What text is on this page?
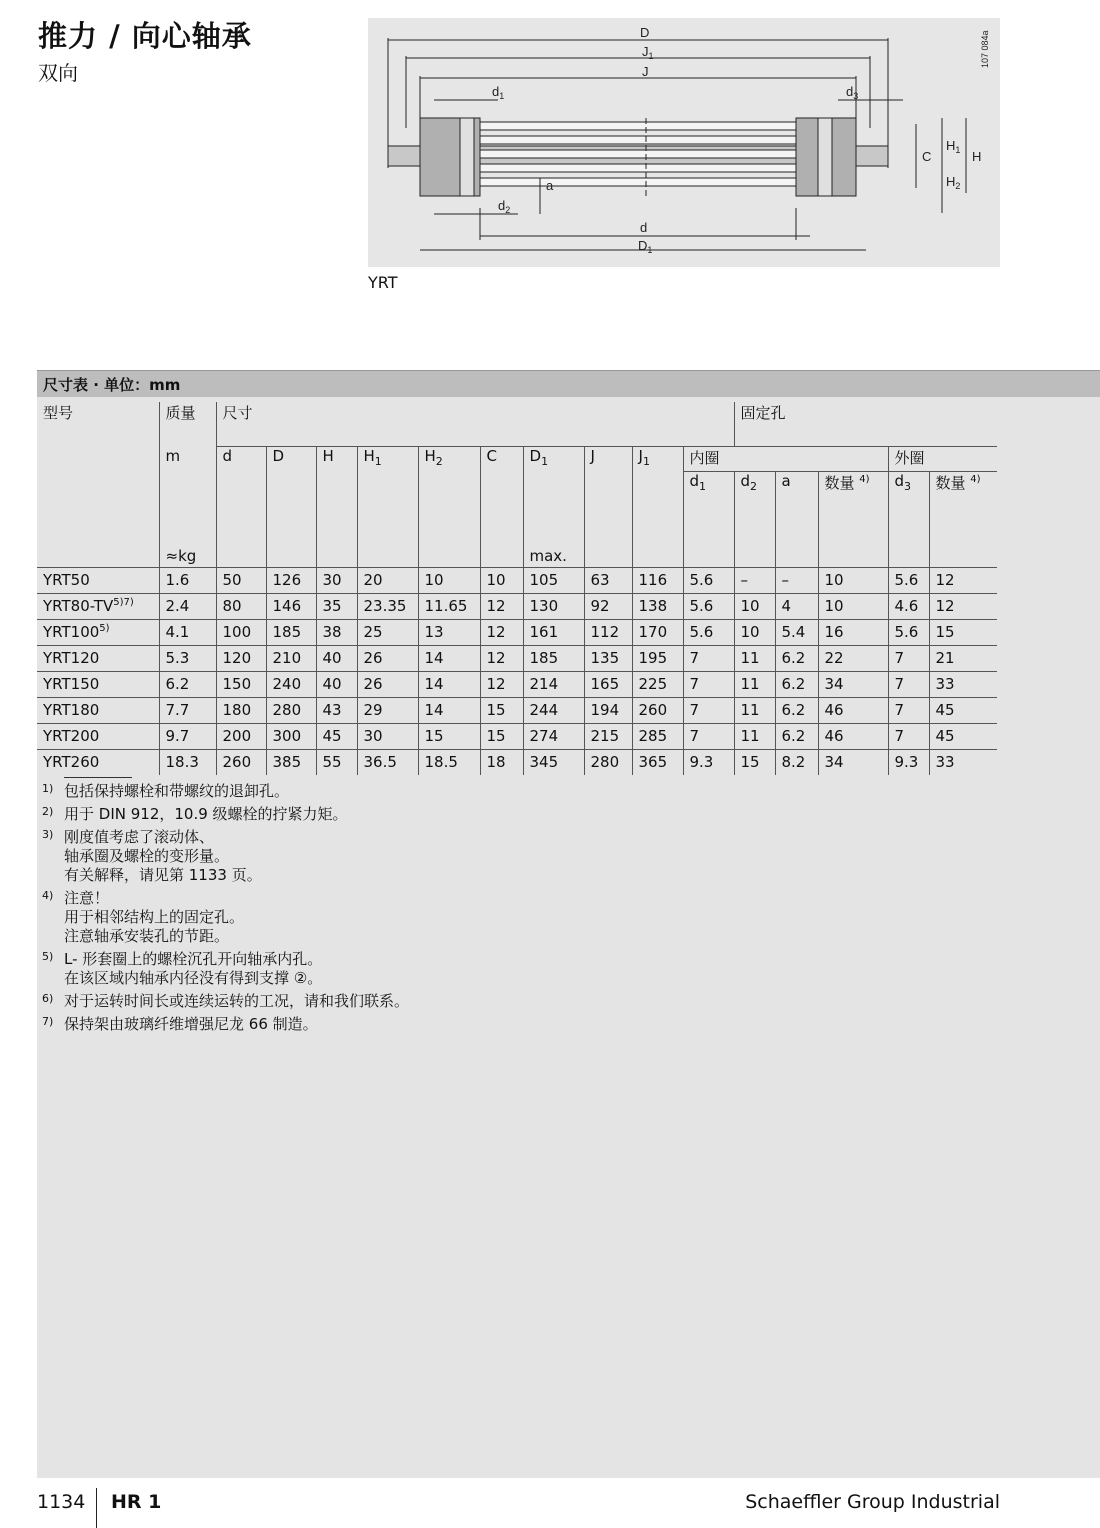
推力 / 向心轴承
双向
D
$J_1$
J
$d_1$	$d_3$
C
$H_1$ H
$H_2$
a
$d_2$
d
$D_1$
107 084a
YRT
尺寸表 · 单位：mm
型号	质量	尺寸										固定孔				
	m	d	D	H	$H_1$	$H_2$	C	$D_1$	J	$J_1$	内圈				外圈	
											$d_1$	$d_2$	a	数量 $^{4)}$	$d_3$	数量 $^{4)}$
	≈kg							max.								
YRT50	1.6	50	126	30	20	10	10	105	63	116	5.6	–	–	10	5.6	12
$YRT80-TV^{5)7)}$	2.4	80	146	35	23.35	11.65	12	130	92	138	5.6	10	4	10	4.6	12
YRT100$^{5)}$	4.1	100	185	38	25	13	12	161	112	170	5.6	10	5.4	16	5.6	15
YRT120	5.3	120	210	40	26	14	12	185	135	195	7	11	6.2	22	7	21
YRT150	6.2	150	240	40	26	14	12	214	165	225	7	11	6.2	34	7	33
YRT180	7.7	180	280	43	29	14	15	244	194	260	7	11	6.2	46	7	45
YRT200	9.7	200	300	45	30	15	15	274	215	285	7	11	6.2	46	7	45
YRT260	18.3	260	385	55	36.5	18.5	18	345	280	365	9.3	15	8.2	34	9.3	33
1) 包括保持螺栓和带螺纹的退卸孔。
2) 用于 DIN 912，10.9 级螺栓的拧紧力矩。
3) 刚度值考虑了滚动体、
轴承圈及螺栓的变形量。
有关解释，请见第 1133 页。
4) 注意！
用于相邻结构上的固定孔。
注意轴承安装孔的节距。
5) L- 形套圈上的螺栓沉孔开向轴承内孔。
在该区域内轴承内径没有得到支撑 ②。
6) 对于运转时间长或连续运转的工况，请和我们联系。
7) 保持架由玻璃纤维增强尼龙 66 制造。
1134 HR 1	Schaeffler Group Industrial
